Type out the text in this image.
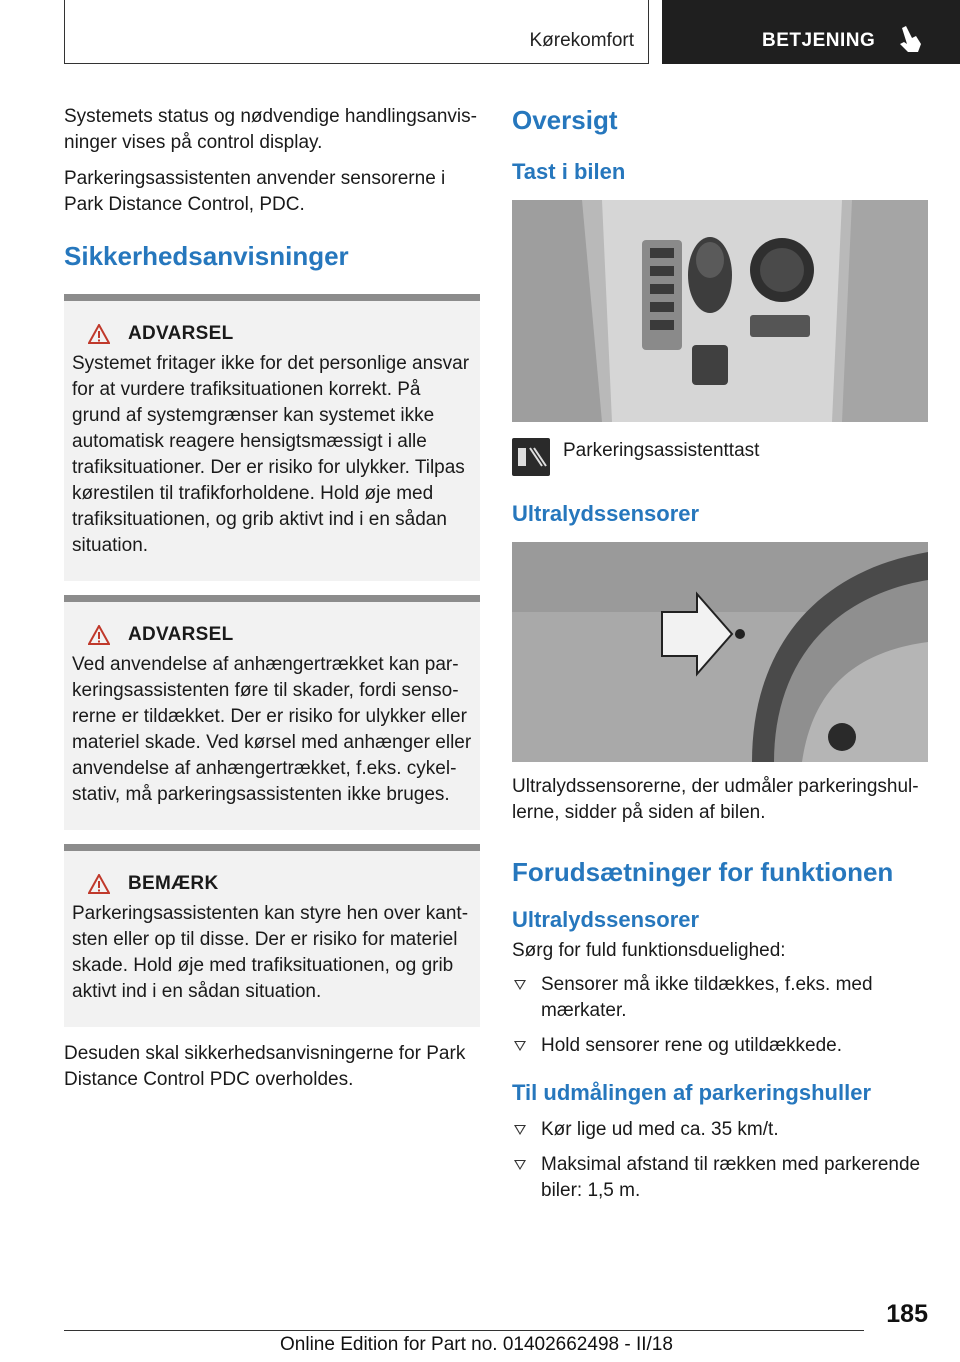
Kørekomfort	BETJENING

Systemets status og nødvendige handlingsanvisninger vises på control display.

Parkeringsassistenten anvender sensorerne i Park Distance Control, PDC.

Sikkerhedsanvisninger
ADVARSEL
Systemet fritager ikke for det personlige ansvar for at vurdere trafiksituationen korrekt. På grund af systemgrænser kan systemet ikke automatisk reagere hensigtsmæssigt i alle trafiksituationer. Der er risiko for ulykker. Tilpas kørestilen til trafikforholdene. Hold øje med trafiksituationen, og grib aktivt ind i en sådan situation.
ADVARSEL
Ved anvendelse af anhængertrækket kan parkeringsassistenten føre til skader, fordi sensorerne er tildækket. Der er risiko for ulykker eller materiel skade. Ved kørsel med anhænger eller anvendelse af anhængertrækket, f.eks. cykelstativ, må parkeringsassistenten ikke bruges.
BEMÆRK
Parkeringsassistenten kan styre hen over kantsten eller op til disse. Der er risiko for materiel skade. Hold øje med trafiksituationen, og grib aktivt ind i en sådan situation.

Desuden skal sikkerhedsanvisningerne for Park Distance Control PDC overholdes.

Oversigt
Tast i bilen
Parkeringsassistenttast
Ultralydssensorer

Ultralydssensorerne, der udmåler parkeringshullerne, sidder på siden af bilen.

Forudsætninger for funktionen
Ultralydssensorer

Sørg for fuld funktionsduelighed:

Sensorer må ikke tildækkes, f.eks. med mærkater.
Hold sensorer rene og utildækkede.
Til udmålingen af parkeringshuller
Kør lige ud med ca. 35 km/t.
Maksimal afstand til rækken med parkerende biler: 1,5 m.
185
Online Edition for Part no. 01402662498 - II/18
